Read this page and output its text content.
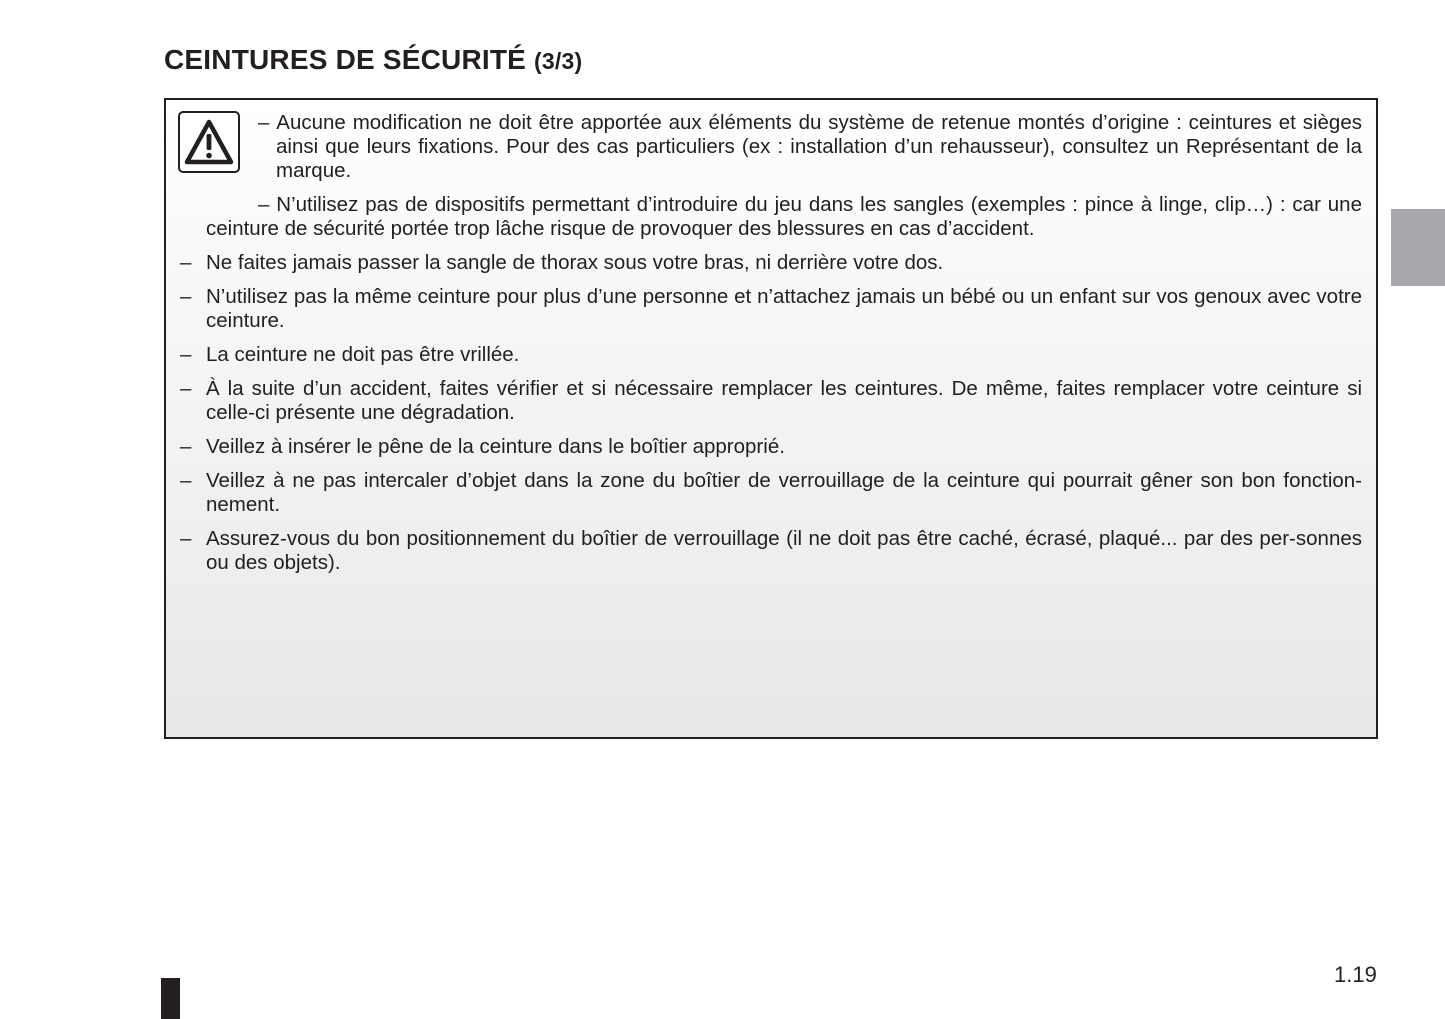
CEINTURES DE SÉCURITÉ (3/3)
– Aucune modification ne doit être apportée aux éléments du système de retenue montés d’origine : ceintures et sièges ainsi que leurs fixations. Pour des cas particuliers (ex : installation d’un rehausseur), consultez un Représentant de la marque.
– N’utilisez pas de dispositifs permettant d’introduire du jeu dans les sangles (exemples : pince à linge, clip…) : car une ceinture de sécurité portée trop lâche risque de provoquer des blessures en cas d’accident.
– Ne faites jamais passer la sangle de thorax sous votre bras, ni derrière votre dos.
– N’utilisez pas la même ceinture pour plus d’une personne et n’attachez jamais un bébé ou un enfant sur vos genoux avec votre ceinture.
– La ceinture ne doit pas être vrillée.
– À la suite d’un accident, faites vérifier et si nécessaire remplacer les ceintures. De même, faites remplacer votre ceinture si celle-ci présente une dégradation.
– Veillez à insérer le pêne de la ceinture dans le boîtier approprié.
– Veillez à ne pas intercaler d’objet dans la zone du boîtier de verrouillage de la ceinture qui pourrait gêner son bon fonction-nement.
– Assurez-vous du bon positionnement du boîtier de verrouillage (il ne doit pas être caché, écrasé, plaqué... par des per-sonnes ou des objets).
1.19
